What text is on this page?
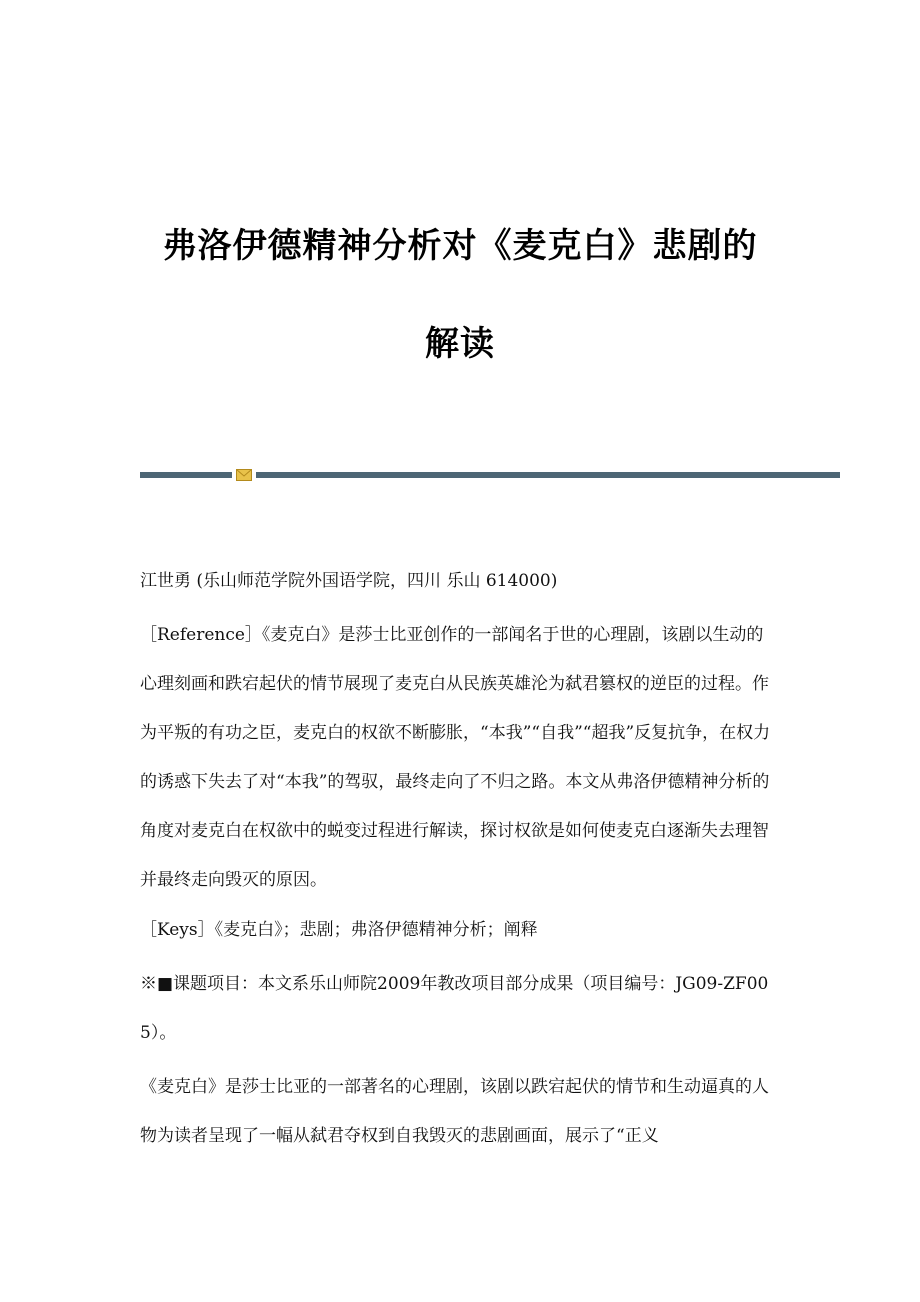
弗洛伊德精神分析对《麦克白》悲剧的
解读

江世勇 (乐山师范学院外国语学院，四川 乐山 614000)

［Reference］《麦克白》是莎士比亚创作的一部闻名于世的心理剧，该剧以生动的心理刻画和跌宕起伏的情节展现了麦克白从民族英雄沦为弑君篡权的逆臣的过程。作为平叛的有功之臣，麦克白的权欲不断膨胀，“本我”“自我”“超我”反复抗争，在权力的诱惑下失去了对“本我”的驾驭，最终走向了不归之路。本文从弗洛伊德精神分析的角度对麦克白在权欲中的蜕变过程进行解读，探讨权欲是如何使麦克白逐渐失去理智并最终走向毁灭的原因。

［Keys］《麦克白》；悲剧；弗洛伊德精神分析；阐释

※■课题项目：本文系乐山师院2009年教改项目部分成果（项目编号：JG09-ZF005）。

《麦克白》是莎士比亚的一部著名的心理剧，该剧以跌宕起伏的情节和生动逼真的人物为读者呈现了一幅从弑君夺权到自我毁灭的悲剧画面，展示了“正义
